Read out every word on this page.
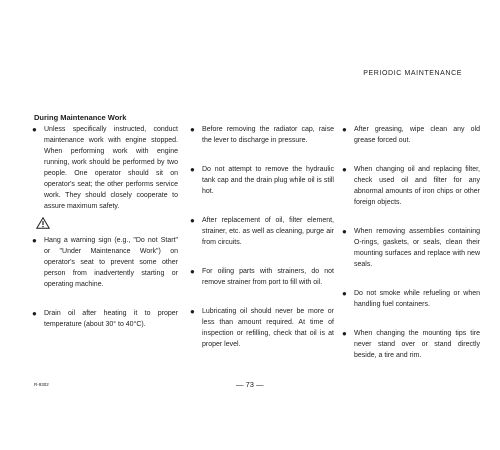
PERIODIC MAINTENANCE
During Maintenance Work
● Unless specifically instructed, conduct maintenance work with engine stopped. When performing work with engine running, work should be performed by two people. One operator should sit on operator's seat; the other performs service work. They should closely cooperate to assure maximum safety.
● Hang a warning sign (e.g., "Do not Start" or "Under Maintenance Work") on operator's seat to prevent some other person from inadvertently starting or operating machine.
● Drain oil after heating it to proper temperature (about 30° to 40°C).
● Before removing the radiator cap, raise the lever to discharge in pressure.
● Do not attempt to remove the hydraulic tank cap and the drain plug while oil is still hot.
● After replacement of oil, filter element, strainer, etc. as well as cleaning, purge air from circuits.
● For oiling parts with strainers, do not remove strainer from port to fill with oil.
● Lubricating oil should never be more or less than amount required. At time of inspection or refilling, check that oil is at proper level.
● After greasing, wipe clean any old grease forced out.
● When changing oil and replacing filter, check used oil and filter for any abnormal amounts of iron chips or other foreign objects.
● When removing assemblies containing O-rings, gaskets, or seals, clean their mounting surfaces and replace with new seals.
● Do not smoke while refueling or when handling fuel containers.
● When changing the mounting tips tire never stand over or stand directly beside, a tire and rim.
R-9302	— 73 —
